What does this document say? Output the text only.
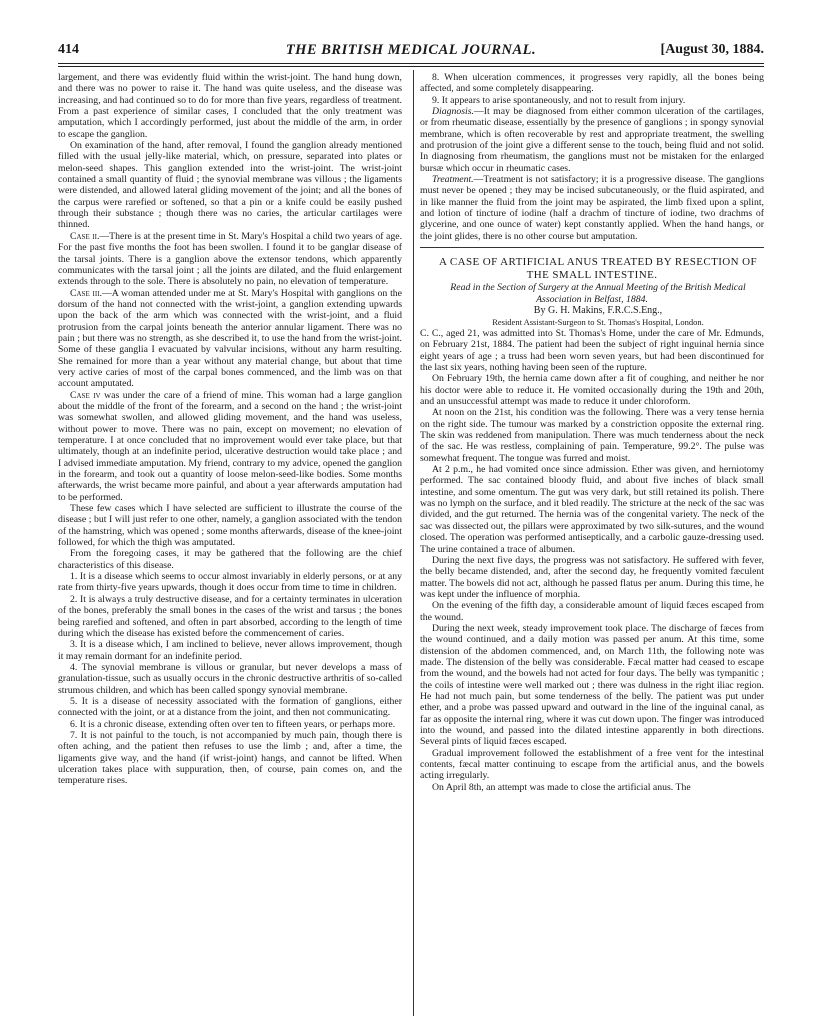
414	THE BRITISH MEDICAL JOURNAL.	[August 30, 1884.

largement, and there was evidently fluid within the wrist-joint. The hand hung down, and there was no power to raise it. The hand was quite useless, and the disease was increasing, and had continued so to do for more than five years, regardless of treatment. From a past experience of similar cases, I concluded that the only treatment was amputation, which I accordingly performed, just about the middle of the arm, in order to escape the ganglion.

On examination of the hand, after removal, I found the ganglion already mentioned filled with the usual jelly-like material, which, on pressure, separated into plates or melon-seed shapes. This ganglion extended into the wrist-joint. The wrist-joint contained a small quantity of fluid ; the synovial membrane was villous ; the ligaments were distended, and allowed lateral gliding movement of the joint; and all the bones of the carpus were rarefied or softened, so that a pin or a knife could be easily pushed through their substance ; though there was no caries, the articular cartilages were thinned.

Case ii.—There is at the present time in St. Mary's Hospital a child two years of age. For the past five months the foot has been swollen. I found it to be ganglar disease of the tarsal joints. There is a ganglion above the extensor tendons, which apparently communicates with the tarsal joint ; all the joints are dilated, and the fluid enlargement extends through to the sole. There is absolutely no pain, no elevation of temperature.

Case iii.—A woman attended under me at St. Mary's Hospital with ganglions on the dorsum of the hand not connected with the wrist-joint, a ganglion extending upwards upon the back of the arm which was connected with the wrist-joint, and a fluid protrusion from the carpal joints beneath the anterior annular ligament. There was no pain ; but there was no strength, as she described it, to use the hand from the wrist-joint. Some of these ganglia I evacuated by valvular incisions, without any harm resulting. She remained for more than a year without any material change, but about that time very active caries of most of the carpal bones commenced, and the limb was on that account amputated.

Case iv was under the care of a friend of mine. This woman had a large ganglion about the middle of the front of the forearm, and a second on the hand ; the wrist-joint was somewhat swollen, and allowed gliding movement, and the hand was useless, without power to move. There was no pain, except on movement; no elevation of temperature. I at once concluded that no improvement would ever take place, but that ultimately, though at an indefinite period, ulcerative destruction would take place ; and I advised immediate amputation. My friend, contrary to my advice, opened the ganglion in the forearm, and took out a quantity of loose melon-seed-like bodies. Some months afterwards, the wrist became more painful, and about a year afterwards amputation had to be performed.

These few cases which I have selected are sufficient to illustrate the course of the disease ; but I will just refer to one other, namely, a ganglion associated with the tendon of the hamstring, which was opened ; some months afterwards, disease of the knee-joint followed, for which the thigh was amputated.

From the foregoing cases, it may be gathered that the following are the chief characteristics of this disease.

1. It is a disease which seems to occur almost invariably in elderly persons, or at any rate from thirty-five years upwards, though it does occur from time to time in children.

2. It is always a truly destructive disease, and for a certainty terminates in ulceration of the bones, preferably the small bones in the cases of the wrist and tarsus ; the bones being rarefied and softened, and often in part absorbed, according to the length of time during which the disease has existed before the commencement of caries.

3. It is a disease which, I am inclined to believe, never allows improvement, though it may remain dormant for an indefinite period.

4. The synovial membrane is villous or granular, but never develops a mass of granulation-tissue, such as usually occurs in the chronic destructive arthritis of so-called strumous children, and which has been called spongy synovial membrane.

5. It is a disease of necessity associated with the formation of ganglions, either connected with the joint, or at a distance from the joint, and then not communicating.

6. It is a chronic disease, extending often over ten to fifteen years, or perhaps more.

7. It is not painful to the touch, is not accompanied by much pain, though there is often aching, and the patient then refuses to use the limb ; and, after a time, the ligaments give way, and the hand (if wrist-joint) hangs, and cannot be lifted. When ulceration takes place with suppuration, then, of course, pain comes on, and the temperature rises.

8. When ulceration commences, it progresses very rapidly, all the bones being affected, and some completely disappearing.

9. It appears to arise spontaneously, and not to result from injury.

Diagnosis.—It may be diagnosed from either common ulceration of the cartilages, or from rheumatic disease, essentially by the presence of ganglions ; in spongy synovial membrane, which is often recoverable by rest and appropriate treatment, the swelling and protrusion of the joint give a different sense to the touch, being fluid and not solid. In diagnosing from rheumatism, the ganglions must not be mistaken for the enlarged bursæ which occur in rheumatic cases.

Treatment.—Treatment is not satisfactory; it is a progressive disease. The ganglions must never be opened ; they may be incised subcutaneously, or the fluid aspirated, and in like manner the fluid from the joint may be aspirated, the limb fixed upon a splint, and lotion of tincture of iodine (half a drachm of tincture of iodine, two drachms of glycerine, and one ounce of water) kept constantly applied. When the hand hangs, or the joint glides, there is no other course but amputation.

A CASE OF ARTIFICIAL ANUS TREATED BY RESECTION OF THE SMALL INTESTINE.

Read in the Section of Surgery at the Annual Meeting of the British Medical Association in Belfast, 1884.

By G. H. Makins, F.R.C.S.Eng.,

Resident Assistant-Surgeon to St. Thomas's Hospital, London.

C. C., aged 21, was admitted into St. Thomas's Home, under the care of Mr. Edmunds, on February 21st, 1884. The patient had been the subject of right inguinal hernia since eight years of age ; a truss had been worn seven years, but had been discontinued for the last six years, nothing having been seen of the rupture.

On February 19th, the hernia came down after a fit of coughing, and neither he nor his doctor were able to reduce it. He vomited occasionally during the 19th and 20th, and an unsuccessful attempt was made to reduce it under chloroform.

At noon on the 21st, his condition was the following. There was a very tense hernia on the right side. The tumour was marked by a constriction opposite the external ring. The skin was reddened from manipulation. There was much tenderness about the neck of the sac. He was restless, complaining of pain. Temperature, 99.2°. The pulse was somewhat frequent. The tongue was furred and moist.

At 2 p.m., he had vomited once since admission. Ether was given, and herniotomy performed. The sac contained bloody fluid, and about five inches of black small intestine, and some omentum. The gut was very dark, but still retained its polish. There was no lymph on the surface, and it bled readily. The stricture at the neck of the sac was divided, and the gut returned. The hernia was of the congenital variety. The neck of the sac was dissected out, the pillars were approximated by two silk-sutures, and the wound closed. The operation was performed antiseptically, and a carbolic gauze-dressing used. The urine contained a trace of albumen.

During the next five days, the progress was not satisfactory. He suffered with fever, the belly became distended, and, after the second day, he frequently vomited fæculent matter. The bowels did not act, although he passed flatus per anum. During this time, he was kept under the influence of morphia.

On the evening of the fifth day, a considerable amount of liquid fæces escaped from the wound.

During the next week, steady improvement took place. The discharge of fæces from the wound continued, and a daily motion was passed per anum. At this time, some distension of the abdomen commenced, and, on March 11th, the following note was made. The distension of the belly was considerable. Fæcal matter had ceased to escape from the wound, and the bowels had not acted for four days. The belly was tympanitic ; the coils of intestine were well marked out ; there was dulness in the right iliac region. He had not much pain, but some tenderness of the belly. The patient was put under ether, and a probe was passed upward and outward in the line of the inguinal canal, as far as opposite the internal ring, where it was cut down upon. The finger was introduced into the wound, and passed into the dilated intestine apparently in both directions. Several pints of liquid fæces escaped.

Gradual improvement followed the establishment of a free vent for the intestinal contents, fæcal matter continuing to escape from the artificial anus, and the bowels acting irregularly.

On April 8th, an attempt was made to close the artificial anus. The
